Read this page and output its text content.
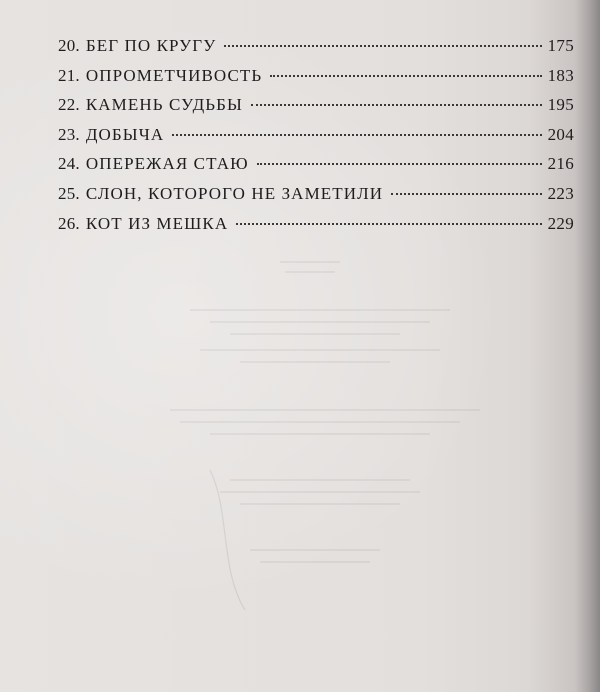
20. БЕГ ПО КРУГУ	175
21. ОПРОМЕТЧИВОСТЬ	183
22. КАМЕНЬ СУДЬБЫ	195
23. ДОБЫЧА	204
24. ОПЕРЕЖАЯ СТАЮ	216
25. СЛОН, КОТОРОГО НЕ ЗАМЕТИЛИ	223
26. КОТ ИЗ МЕШКА	229
